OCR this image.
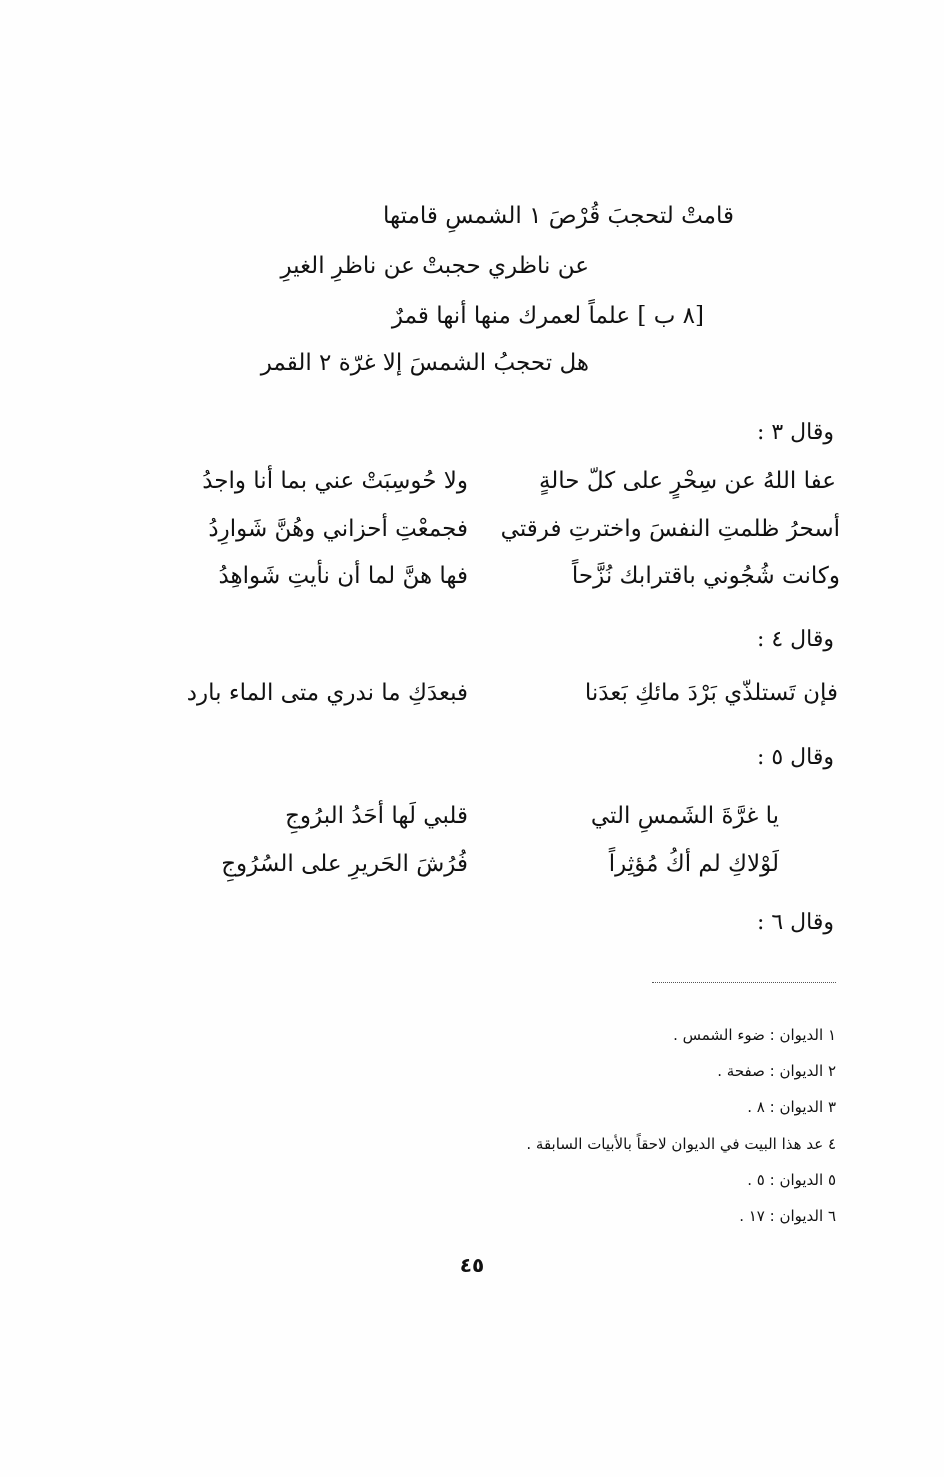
قامتْ لتحجبَ قُرْصَ ١ الشمسِ قامتها
عن ناظري حجبتْ عن ناظرِ الغيرِ
[٨ ب ] علماً لعمرك منها أنها قمرٌ
هل تحجبُ الشمسَ إلا غرّة ٢ القمر
وقال ٣ :
عفا اللهُ عن سِحْرٍ على كلّ حالةٍ
ولا حُوسِبَتْ عني بما أنا واجدُ
أسحرُ ظلمتِ النفسَ واخترتِ فرقتي
فجمعْتِ أحزاني وهُنَّ شَوارِدُ
وكانت شُجُوني باقترابك نُزَّحاً
فها هنَّ لما أن نأيتِ شَواهِدُ
وقال ٤ :
فإن تَستلذّي بَرْدَ مائكِ بَعدَنا
فبعدَكِ ما ندري متى الماء بارد
وقال ٥ :
يا غرَّةَ الشَمسِ التي
قلبي لَها أحَدُ البرُوجِ
لَوْلاكِ لم أكُ مُؤثِراً
فُرُشَ الحَريرِ على السُرُوجِ
وقال ٦ :
١ الديوان : ضوء الشمس .
٢ الديوان : صفحة .
٣ الديوان : ٨ .
٤ عد هذا البيت في الديوان لاحقاً بالأبيات السابقة .
٥ الديوان : ٥ .
٦ الديوان : ١٧ .
٤٥
